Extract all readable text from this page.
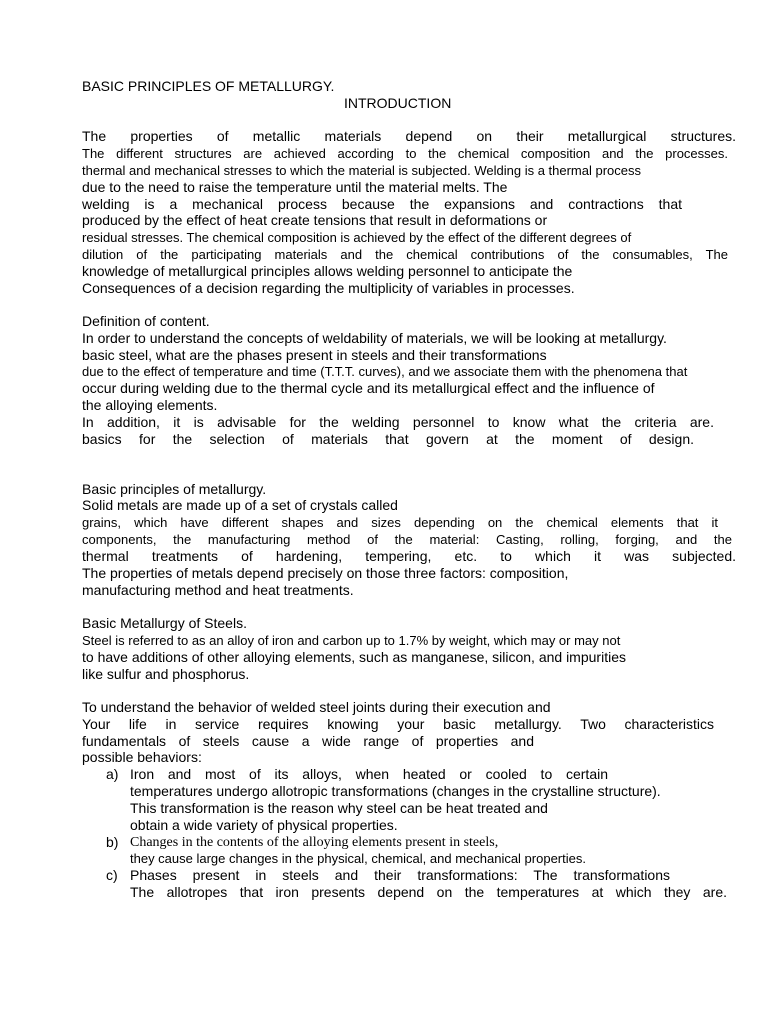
BASIC PRINCIPLES OF METALLURGY.
INTRODUCTION
The properties of metallic materials depend on their metallurgical structures.
The different structures are achieved according to the chemical composition and the processes.
thermal and mechanical stresses to which the material is subjected. Welding is a thermal process
due to the need to raise the temperature until the material melts. The
welding is a mechanical process because the expansions and contractions that
produced by the effect of heat create tensions that result in deformations or
residual stresses. The chemical composition is achieved by the effect of the different degrees of
dilution of the participating materials and the chemical contributions of the consumables, The
knowledge of metallurgical principles allows welding personnel to anticipate the
Consequences of a decision regarding the multiplicity of variables in processes.
Definition of content.
In order to understand the concepts of weldability of materials, we will be looking at metallurgy.
basic steel, what are the phases present in steels and their transformations
due to the effect of temperature and time (T.T.T. curves), and we associate them with the phenomena that
occur during welding due to the thermal cycle and its metallurgical effect and the influence of
the alloying elements.
In addition, it is advisable for the welding personnel to know what the criteria are.
basics for the selection of materials that govern at the moment of design.
Basic principles of metallurgy.
Solid metals are made up of a set of crystals called
grains, which have different shapes and sizes depending on the chemical elements that it
components, the manufacturing method of the material: Casting, rolling, forging, and the
thermal treatments of hardening, tempering, etc. to which it was subjected.
The properties of metals depend precisely on those three factors: composition,
manufacturing method and heat treatments.
Basic Metallurgy of Steels.
Steel is referred to as an alloy of iron and carbon up to 1.7% by weight, which may or may not
to have additions of other alloying elements, such as manganese, silicon, and impurities
like sulfur and phosphorus.
To understand the behavior of welded steel joints during their execution and
Your life in service requires knowing your basic metallurgy. Two characteristics
fundamentals of steels cause a wide range of properties and
possible behaviors:
a) Iron and most of its alloys, when heated or cooled to certain
temperatures undergo allotropic transformations (changes in the crystalline structure).
This transformation is the reason why steel can be heat treated and
obtain a wide variety of physical properties.
b) Changes in the contents of the alloying elements present in steels,
they cause large changes in the physical, chemical, and mechanical properties.
c) Phases present in steels and their transformations: The transformations
The allotropes that iron presents depend on the temperatures at which they are.
